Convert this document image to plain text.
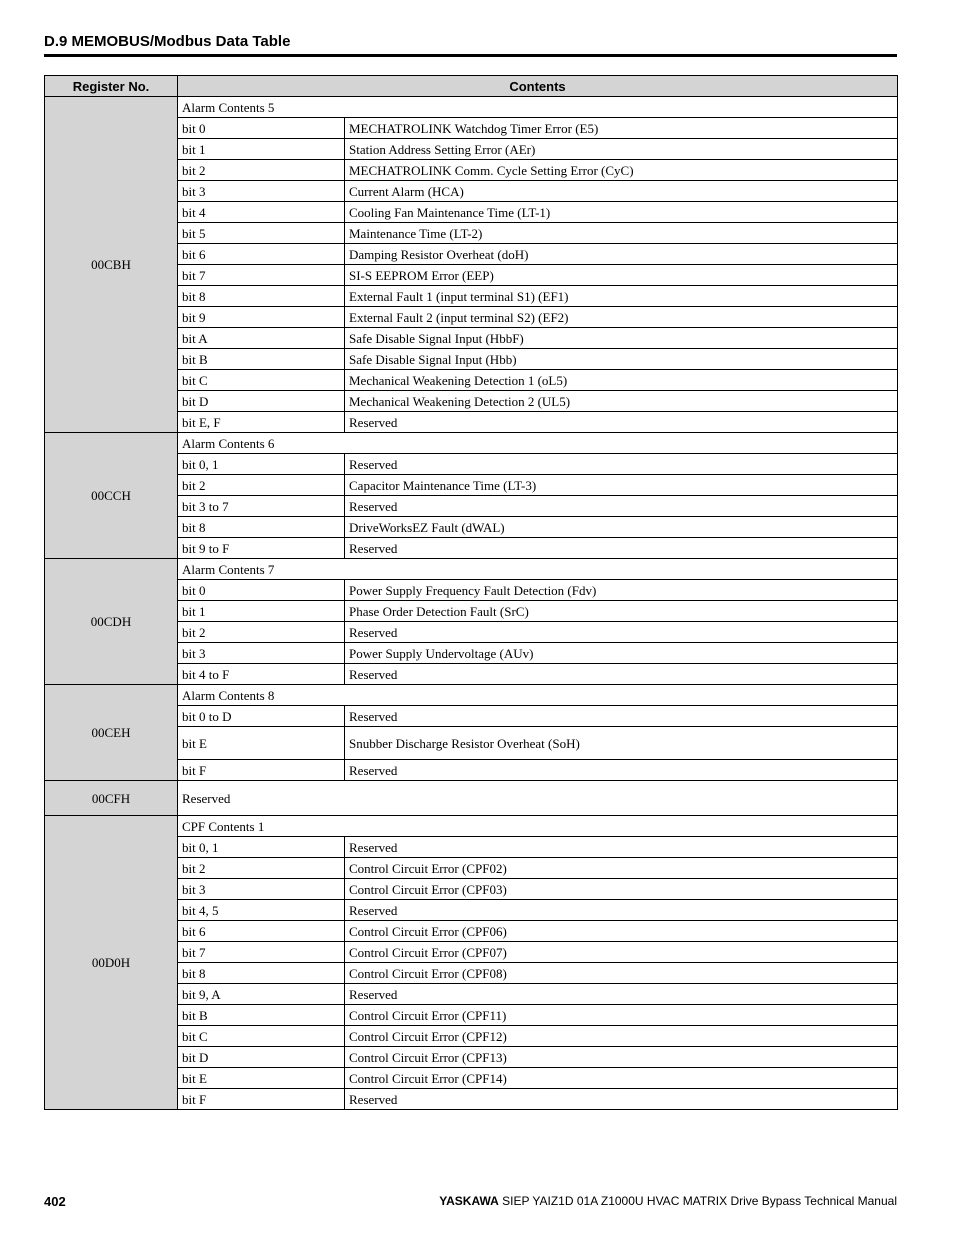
D.9 MEMOBUS/Modbus Data Table
Register No.	Contents	
00CBH	Alarm Contents 5	
	bit 0	MECHATROLINK Watchdog Timer Error (E5)
	bit 1	Station Address Setting Error (AEr)
	bit 2	MECHATROLINK Comm. Cycle Setting Error (CyC)
	bit 3	Current Alarm (HCA)
	bit 4	Cooling Fan Maintenance Time (LT-1)
	bit 5	Maintenance Time (LT-2)
	bit 6	Damping Resistor Overheat (doH)
	bit 7	SI-S EEPROM Error (EEP)
	bit 8	External Fault 1 (input terminal S1) (EF1)
	bit 9	External Fault 2 (input terminal S2) (EF2)
	bit A	Safe Disable Signal Input (HbbF)
	bit B	Safe Disable Signal Input (Hbb)
	bit C	Mechanical Weakening Detection 1 (oL5)
	bit D	Mechanical Weakening Detection 2 (UL5)
	bit E, F	Reserved
00CCH	Alarm Contents 6	
	bit 0, 1	Reserved
	bit 2	Capacitor Maintenance Time (LT-3)
	bit 3 to 7	Reserved
	bit 8	DriveWorksEZ Fault (dWAL)
	bit 9 to F	Reserved
00CDH	Alarm Contents 7	
	bit 0	Power Supply Frequency Fault Detection (Fdv)
	bit 1	Phase Order Detection Fault (SrC)
	bit 2	Reserved
	bit 3	Power Supply Undervoltage (AUv)
	bit 4 to F	Reserved
00CEH	Alarm Contents 8	
	bit 0 to D	Reserved
	bit E	Snubber Discharge Resistor Overheat (SoH)
	bit F	Reserved
00CFH	Reserved	
00D0H	CPF Contents 1	
	bit 0, 1	Reserved
	bit 2	Control Circuit Error (CPF02)
	bit 3	Control Circuit Error (CPF03)
	bit 4, 5	Reserved
	bit 6	Control Circuit Error (CPF06)
	bit 7	Control Circuit Error (CPF07)
	bit 8	Control Circuit Error (CPF08)
	bit 9, A	Reserved
	bit B	Control Circuit Error (CPF11)
	bit C	Control Circuit Error (CPF12)
	bit D	Control Circuit Error (CPF13)
	bit E	Control Circuit Error (CPF14)
	bit F	Reserved
402	YASKAWA SIEP YAIZ1D 01A Z1000U HVAC MATRIX Drive Bypass Technical Manual
